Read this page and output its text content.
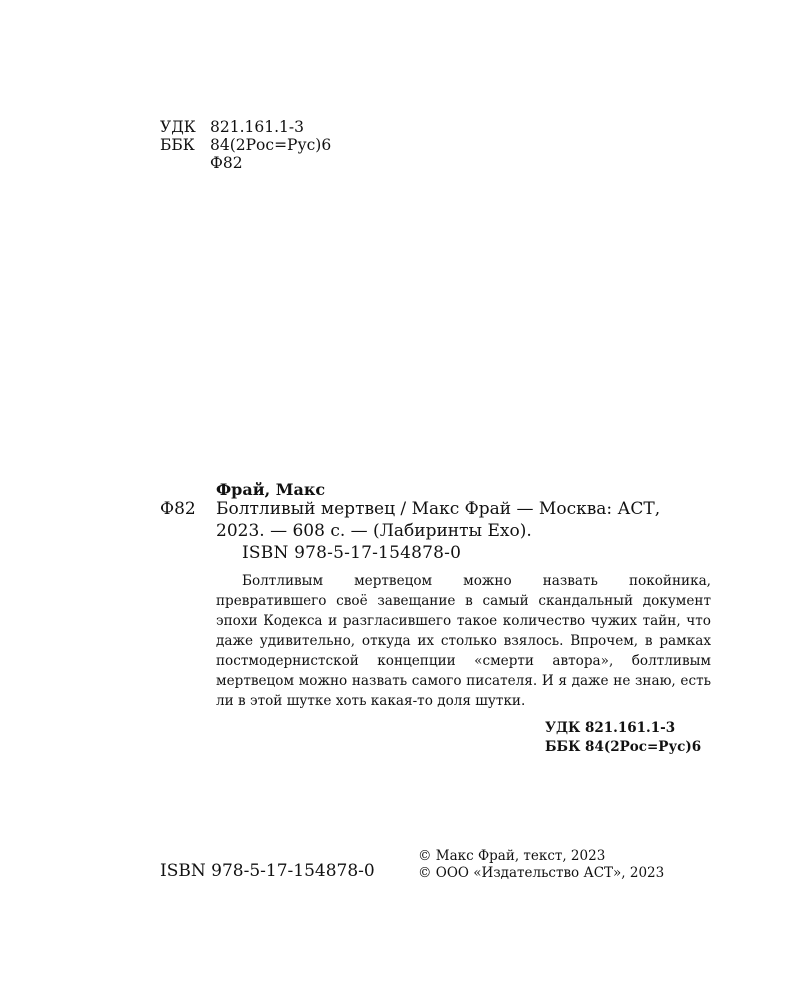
УДК 821.161.1-3
ББК 84(2Рос=Рус)6
Ф82
Фрай, Макс
Ф82 Болтливый мертвец / Макс Фрай — Москва: АСТ,
2023. — 608 с. — (Лабиринты Ехо).
ISBN 978-5-17-154878-0

Болтливым мертвецом можно назвать покойника, превратившего своё завещание в самый скандальный документ эпохи Кодекса и разгласившего такое количество чужих тайн, что даже удивительно, откуда их столько взялось. Впрочем, в рамках постмодернистской концепции «смерти автора», болтливым мертвецом можно назвать самого писателя. И я даже не знаю, есть ли в этой шутке хоть какая-то доля шутки.

УДК 821.161.1-3
ББК 84(2Рос=Рус)6
ISBN 978-5-17-154878-0
© Макс Фрай, текст, 2023
© ООО «Издательство АСТ», 2023
